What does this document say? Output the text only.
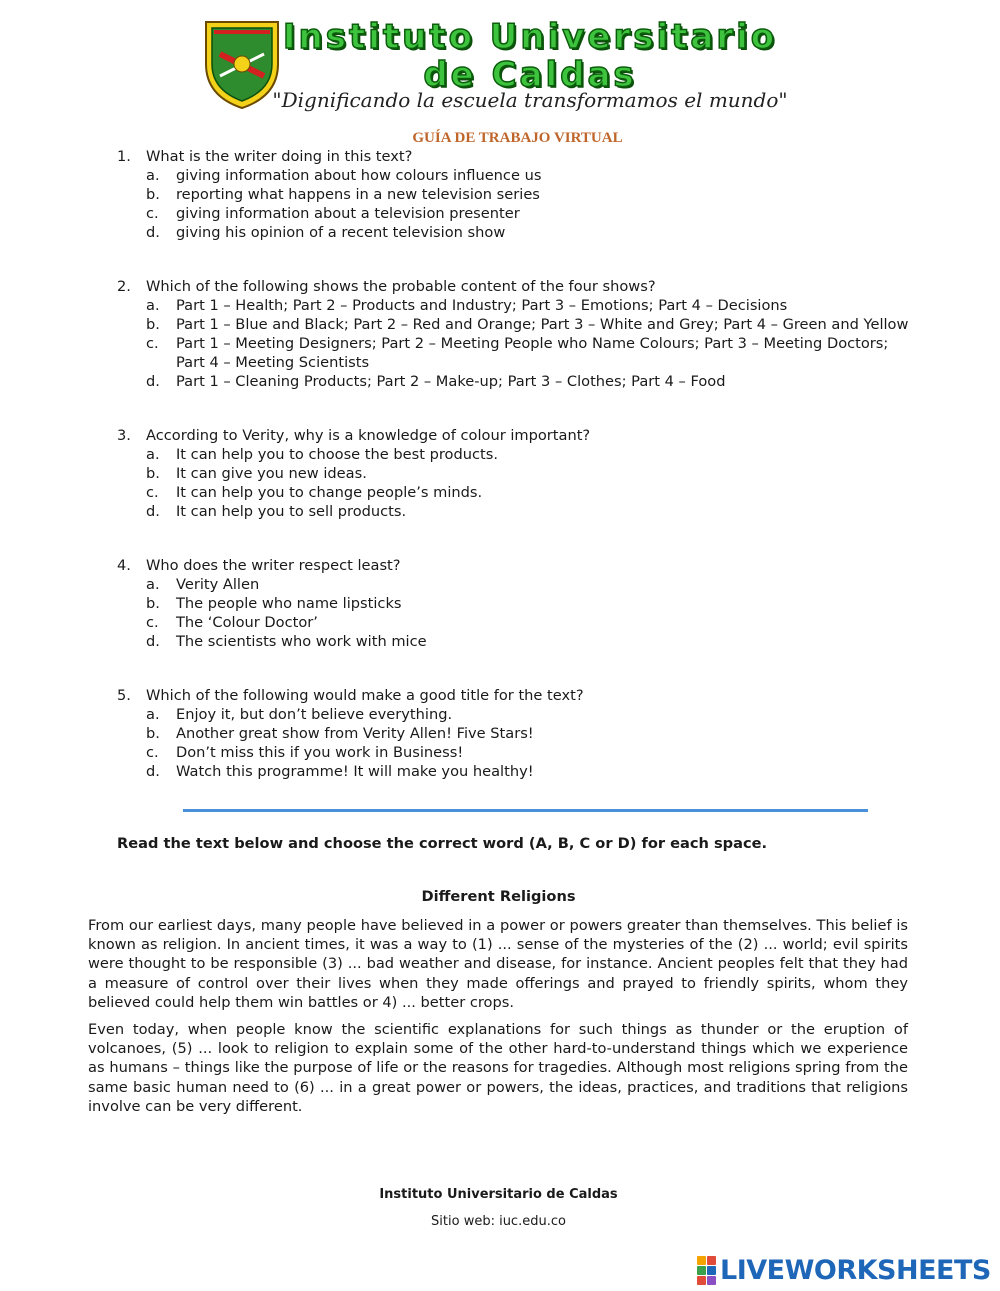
Instituto Universitario
de Caldas
"Dignificando la escuela transformamos el mundo"
GUÍA DE TRABAJO VIRTUAL
1.	What is the writer doing in this text?
a.	giving information about how colours influence us
b.	reporting what happens in a new television series
c.	giving information about a television presenter
d.	giving his opinion of a recent television show
2.	Which of the following shows the probable content of the four shows?
a.	Part 1 – Health; Part 2 – Products and Industry; Part 3 – Emotions; Part 4 – Decisions
b.	Part 1 – Blue and Black; Part 2 – Red and Orange; Part 3 – White and Grey; Part 4 – Green and Yellow
c.	Part 1 – Meeting Designers; Part 2 – Meeting People who Name Colours; Part 3 – Meeting Doctors; Part 4 – Meeting Scientists
d.	Part 1 – Cleaning Products; Part 2 – Make-up; Part 3 – Clothes; Part 4 – Food
3.	According to Verity, why is a knowledge of colour important?
a.	It can help you to choose the best products.
b.	It can give you new ideas.
c.	It can help you to change people’s minds.
d.	It can help you to sell products.
4.	Who does the writer respect least?
a.	Verity Allen
b.	The people who name lipsticks
c.	The ‘Colour Doctor’
d.	The scientists who work with mice
5.	Which of the following would make a good title for the text?
a.	Enjoy it, but don’t believe everything.
b.	Another great show from Verity Allen! Five Stars!
c.	Don’t miss this if you work in Business!
d.	Watch this programme! It will make you healthy!
Read the text below and choose the correct word (A, B, C or D) for each space.
Different Religions

From our earliest days, many people have believed in a power or powers greater than themselves. This belief is known as religion. In ancient times, it was a way to (1) ... sense of the mysteries of the (2) ... world; evil spirits were thought to be responsible (3) ... bad weather and disease, for instance. Ancient peoples felt that they had a measure of control over their lives when they made offerings and prayed to friendly spirits, whom they believed could help them win battles or 4) ... better crops.

Even today, when people know the scientific explanations for such things as thunder or the eruption of volcanoes, (5) ... look to religion to explain some of the other hard-to-understand things which we experience as humans – things like the purpose of life or the reasons for tragedies. Although most religions spring from the same basic human need to (6) ... in a great power or powers, the ideas, practices, and traditions that religions involve can be very different.

Instituto Universitario de Caldas
Sitio web: iuc.edu.co
LIVEWORKSHEETS
